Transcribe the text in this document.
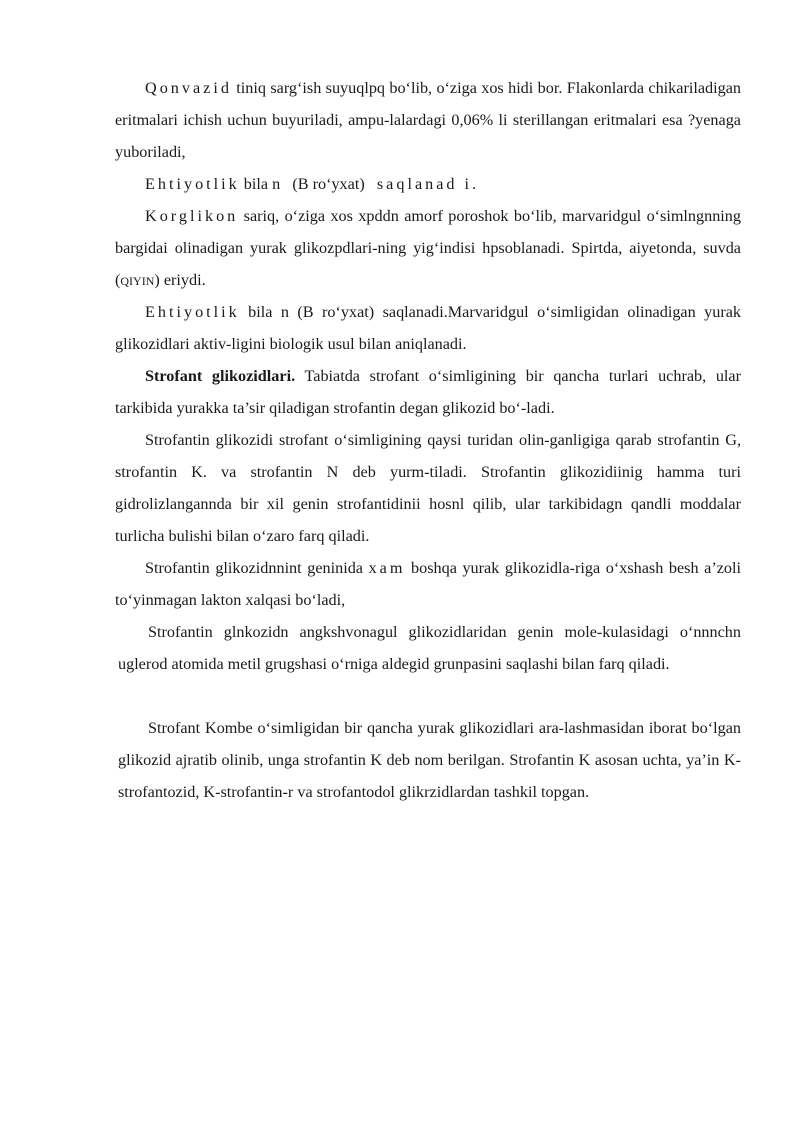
Qonvazid tiniq sarg‘ish suyuqlpq bo‘lib, o‘ziga xos hidi bor. Flakonlarda chikariladigan eritmalari ichish uchun buyuriladi, ampu-lalardagi 0,06% li sterillangan eritmalari esa ?yenaga yuboriladi,

Ehtiyotlik bila n   (B ro‘yxat)   saqlanad i.

Korglikon sariq, o‘ziga xos xpddn amorf poroshok bo‘lib, marvaridgul o‘simlngnning bargidai olinadigan yurak glikozpdlari-ning yig‘indisi hpsoblanadi. Spirtda, aiyetonda, suvda (QIYIN) eriydi.

Ehtiyotlik bila n (B ro‘yxat) saqlanadi.Marvaridgul o‘simligidan olinadigan yurak glikozidlari aktiv-ligini biologik usul bilan aniqlanadi.

Strofant glikozidlari. Tabiatda strofant o‘simligining bir qancha turlari uchrab, ular tarkibida yurakka ta’sir qiladigan strofantin degan glikozid bo‘-ladi.

Strofantin glikozidi strofant o‘simligining qaysi turidan olin-ganligiga qarab strofantin G, strofantin K. va strofantin N deb yurm-tiladi. Strofantin glikozidiinig hamma turi gidrolizlangannda bir xil genin strofantidinii hosnl qilib, ular tarkibidagn qandli moddalar turlicha bulishi bilan o‘zaro farq qiladi.

Strofantin glikozidnnint geninida xam boshqa yurak glikozidla-riga o‘xshash besh a’zoli to‘yinmagan lakton xalqasi bo‘ladi,

Strofantin glnkozidn angkshvonagul glikozidlaridan genin mole-kulasidagi o‘nnnchn uglerod atomida metil grugshasi o‘rniga aldegid grunpasini saqlashi bilan farq qiladi.

Strofant Kombe o‘simligidan bir qancha yurak glikozidlari ara-lashmasidan iborat bo‘lgan glikozid ajratib olinib, unga strofantin K deb nom berilgan. Strofantin K asosan uchta, ya’in K-strofantozid, K-strofantin-r va strofantodol glikrzidlardan tashkil topgan.
